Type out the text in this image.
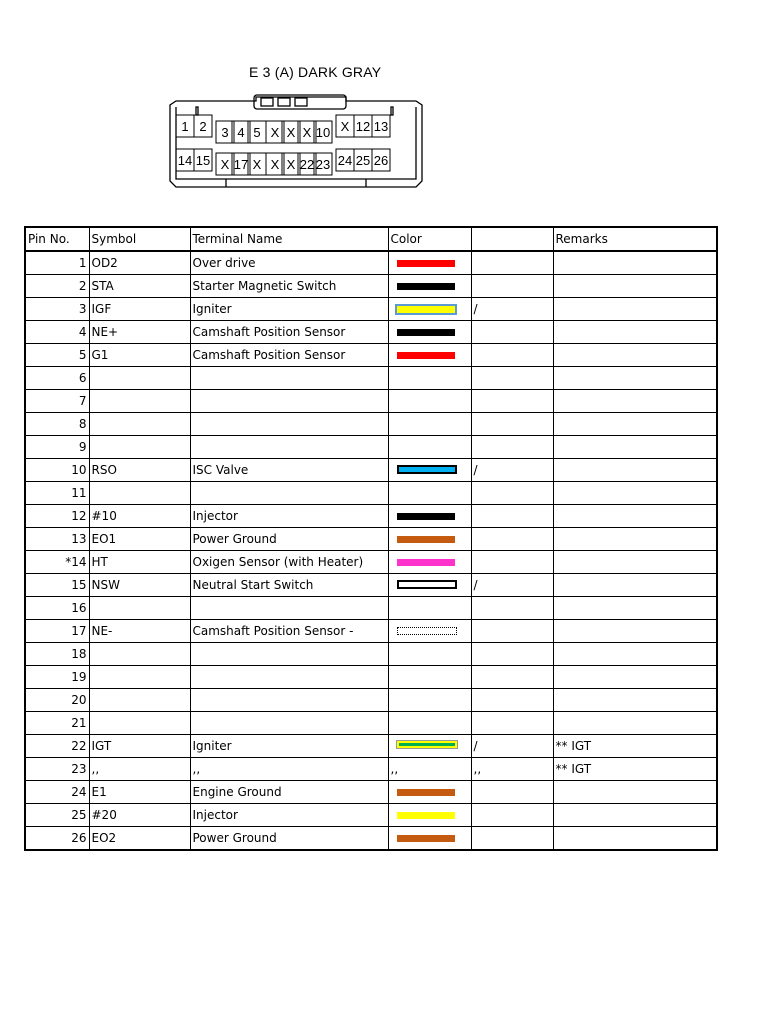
E 3 (A) DARK GRAY
1 2 3 4 5 X X X 10 X 12 13
14 15 X 17 X X X 22 23 24 25 26
Pin No.	Symbol	Terminal Name	Color		Remarks
1	OD2	Over drive	

2	STA	Starter Magnetic Switch	

3	IGF	Igniter		/	
4	NE+	Camshaft Position Sensor	

5	G1	Camshaft Position Sensor	

6					
7					
8					
9					
10	RSO	ISC Valve		/	
11					
12	#10	Injector	

13	EO1	Power Ground	

*14	HT	Oxigen Sensor (with Heater)	

15	NSW	Neutral Start Switch		/	
16					
17	NE-	Camshaft Position Sensor -	

18					
19					
20					
21					
22	IGT	Igniter		/	** IGT
23	,,	,,	,,	,,	** IGT
24	E1	Engine Ground	

25	#20	Injector	

26	EO2	Power Ground	
